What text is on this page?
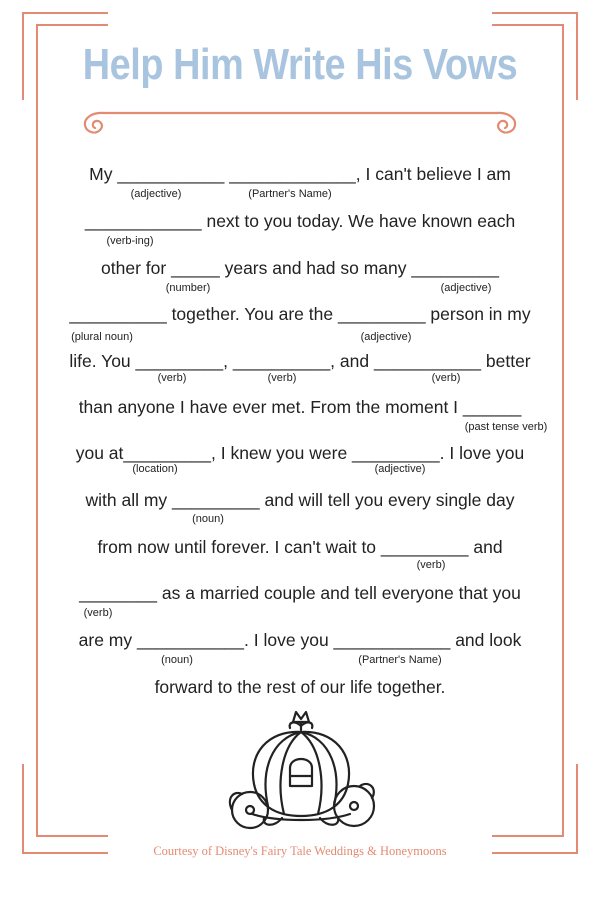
Help Him Write His Vows
My ___________ _____________, I can't believe I am
____________ next to you today. We have known each
other for _____ years and had so many _________
__________ together. You are the _________ person in my
life. You _________, __________, and ___________ better
than anyone I have ever met. From the moment I ______
you at_________, I knew you were _________. I love you
with all my _________ and will tell you every single day
from now until forever. I can't wait to _________ and
________ as a married couple and tell everyone that you
are my ___________. I love you ____________ and look
forward to the rest of our life together.
(adjective)	(Partner's Name)
(verb-ing)
(number)	(adjective)
(plural noun)	(adjective)
(verb)	(verb)	(verb)
(past tense verb)
(location)	(adjective)
(noun)
(verb)
(verb)
(noun)	(Partner's Name)
Courtesy of Disney's Fairy Tale Weddings & Honeymoons
